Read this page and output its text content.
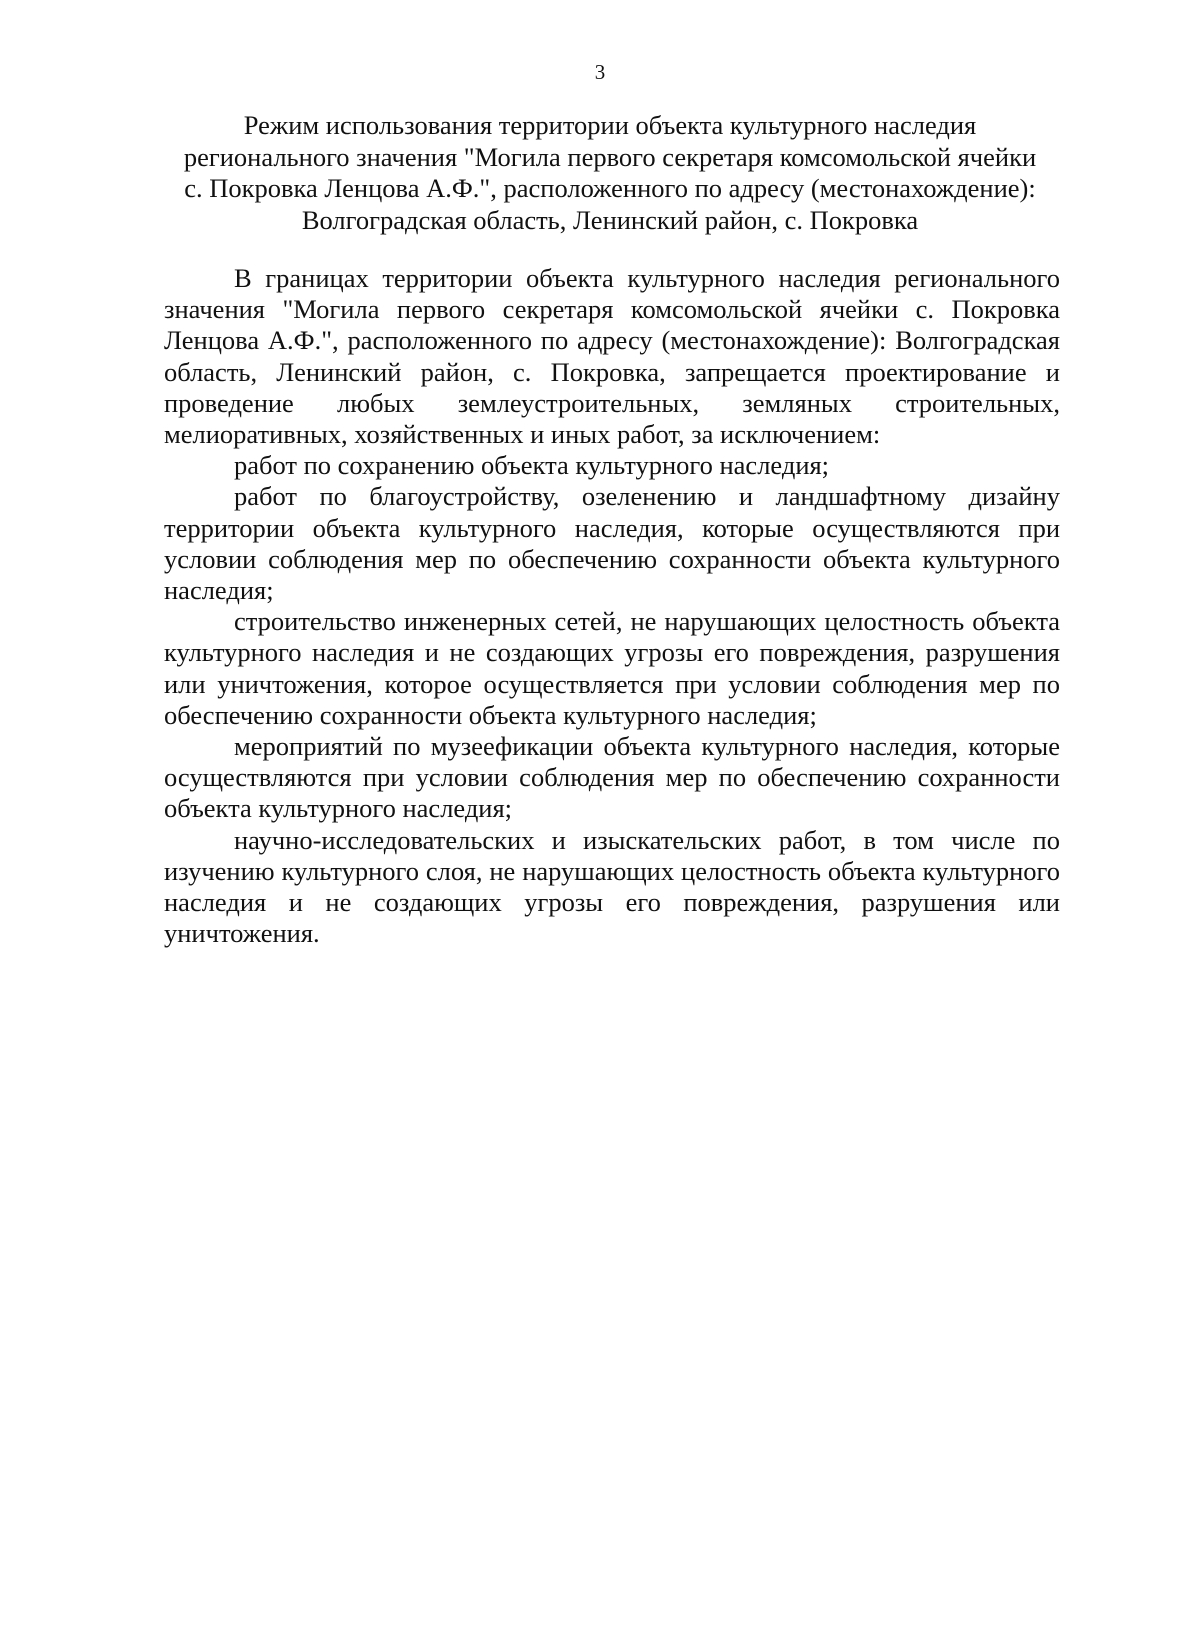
3
Режим использования территории объекта культурного наследия
регионального значения "Могила первого секретаря комсомольской ячейки
с. Покровка Ленцова А.Ф.", расположенного по адресу (местонахождение):
Волгоградская область, Ленинский район, с. Покровка

В границах территории объекта культурного наследия регионального значения "Могила первого секретаря комсомольской ячейки с. Покровка Ленцова А.Ф.", расположенного по адресу (местонахождение): Волгоградская область, Ленинский район, с. Покровка, запрещается проектирование и проведение любых землеустроительных, земляных строительных, мелиоративных, хозяйственных и иных работ, за исключением:

работ по сохранению объекта культурного наследия;

работ по благоустройству, озеленению и ландшафтному дизайну территории объекта культурного наследия, которые осуществляются при условии соблюдения мер по обеспечению сохранности объекта культурного наследия;

строительство инженерных сетей, не нарушающих целостность объекта культурного наследия и не создающих угрозы его повреждения, разрушения или уничтожения, которое осуществляется при условии соблюдения мер по обеспечению сохранности объекта культурного наследия;

мероприятий по музеефикации объекта культурного наследия, которые осуществляются при условии соблюдения мер по обеспечению сохранности объекта культурного наследия;

научно-исследовательских и изыскательских работ, в том числе по изучению культурного слоя, не нарушающих целостность объекта культурного наследия и не создающих угрозы его повреждения, разрушения или уничтожения.
